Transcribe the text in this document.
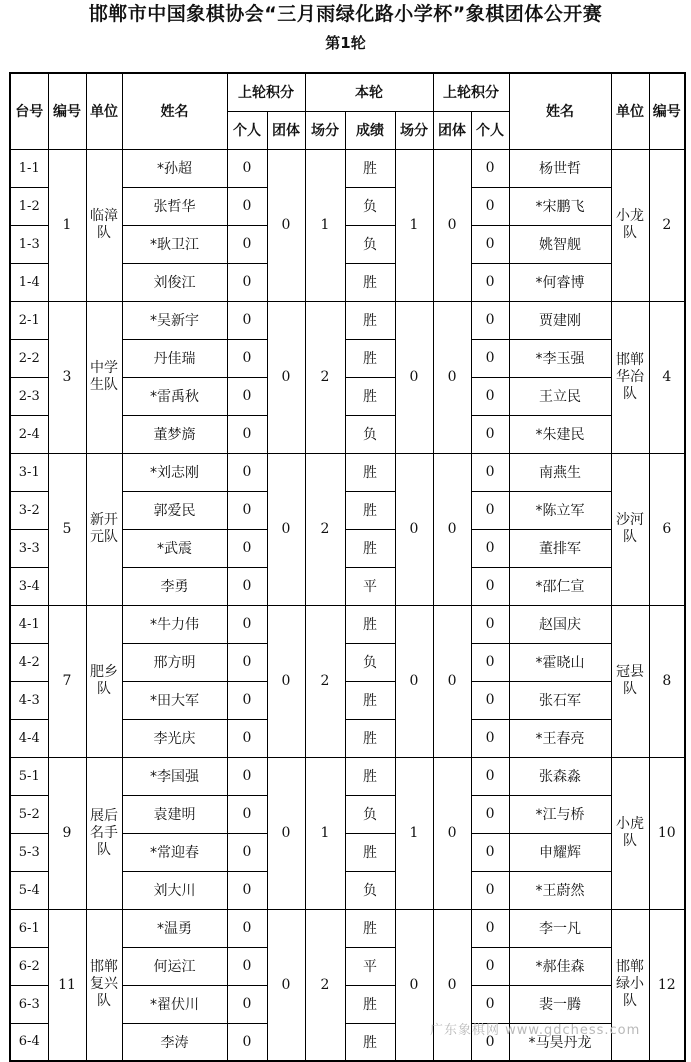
邯郸市中国象棋协会“三月雨绿化路小学杯”象棋团体公开赛
第1轮
台号	编号	单位	姓名	上轮积分		本轮			上轮积分		姓名	单位	编号
				个人	团体	场分	成绩	场分	团体	个人			
1-1	1	临漳队	*孙超	0	0	1	胜	1	0	0	杨世哲	小龙队	2
1-2			张哲华	0			负			0	*宋鹏飞		
1-3			*耿卫江	0			负			0	姚智舰		
1-4			刘俊江	0			胜			0	*何睿博		
2-1	3	中学生队	*吴新宇	0	0	2	胜	0	0	0	贾建刚	邯郸华冶队	4
2-2			丹佳瑞	0			胜			0	*李玉强		
2-3			*雷禹秋	0			胜			0	王立民		
2-4			董梦旖	0			负			0	*朱建民		
3-1	5	新开元队	*刘志刚	0	0	2	胜	0	0	0	南燕生	沙河队	6
3-2			郭爱民	0			胜			0	*陈立军		
3-3			*武震	0			胜			0	董排军		
3-4			李勇	0			平			0	*邵仁宣		
4-1	7	肥乡队	*牛力伟	0	0	2	胜	0	0	0	赵国庆	冠县队	8
4-2			邢方明	0			负			0	*霍晓山		
4-3			*田大军	0			胜			0	张石军		
4-4			李光庆	0			胜			0	*王春亮		
5-1	9	展后名手队	*李国强	0	0	1	胜	1	0	0	张森淼	小虎队	10
5-2			袁建明	0			负			0	*江与桥		
5-3			*常迎春	0			胜			0	申耀辉		
5-4			刘大川	0			负			0	*王蔚然		
6-1	11	邯郸复兴队	*温勇	0	0	2	胜	0	0	0	李一凡	邯郸绿小队	12
6-2			何运江	0			平			0	*郝佳森		
6-3			*翟伏川	0			胜			0	裴一腾		
6-4			李涛	0			胜			0	*马昊丹龙		
广东象棋网 www.gdchess.com
